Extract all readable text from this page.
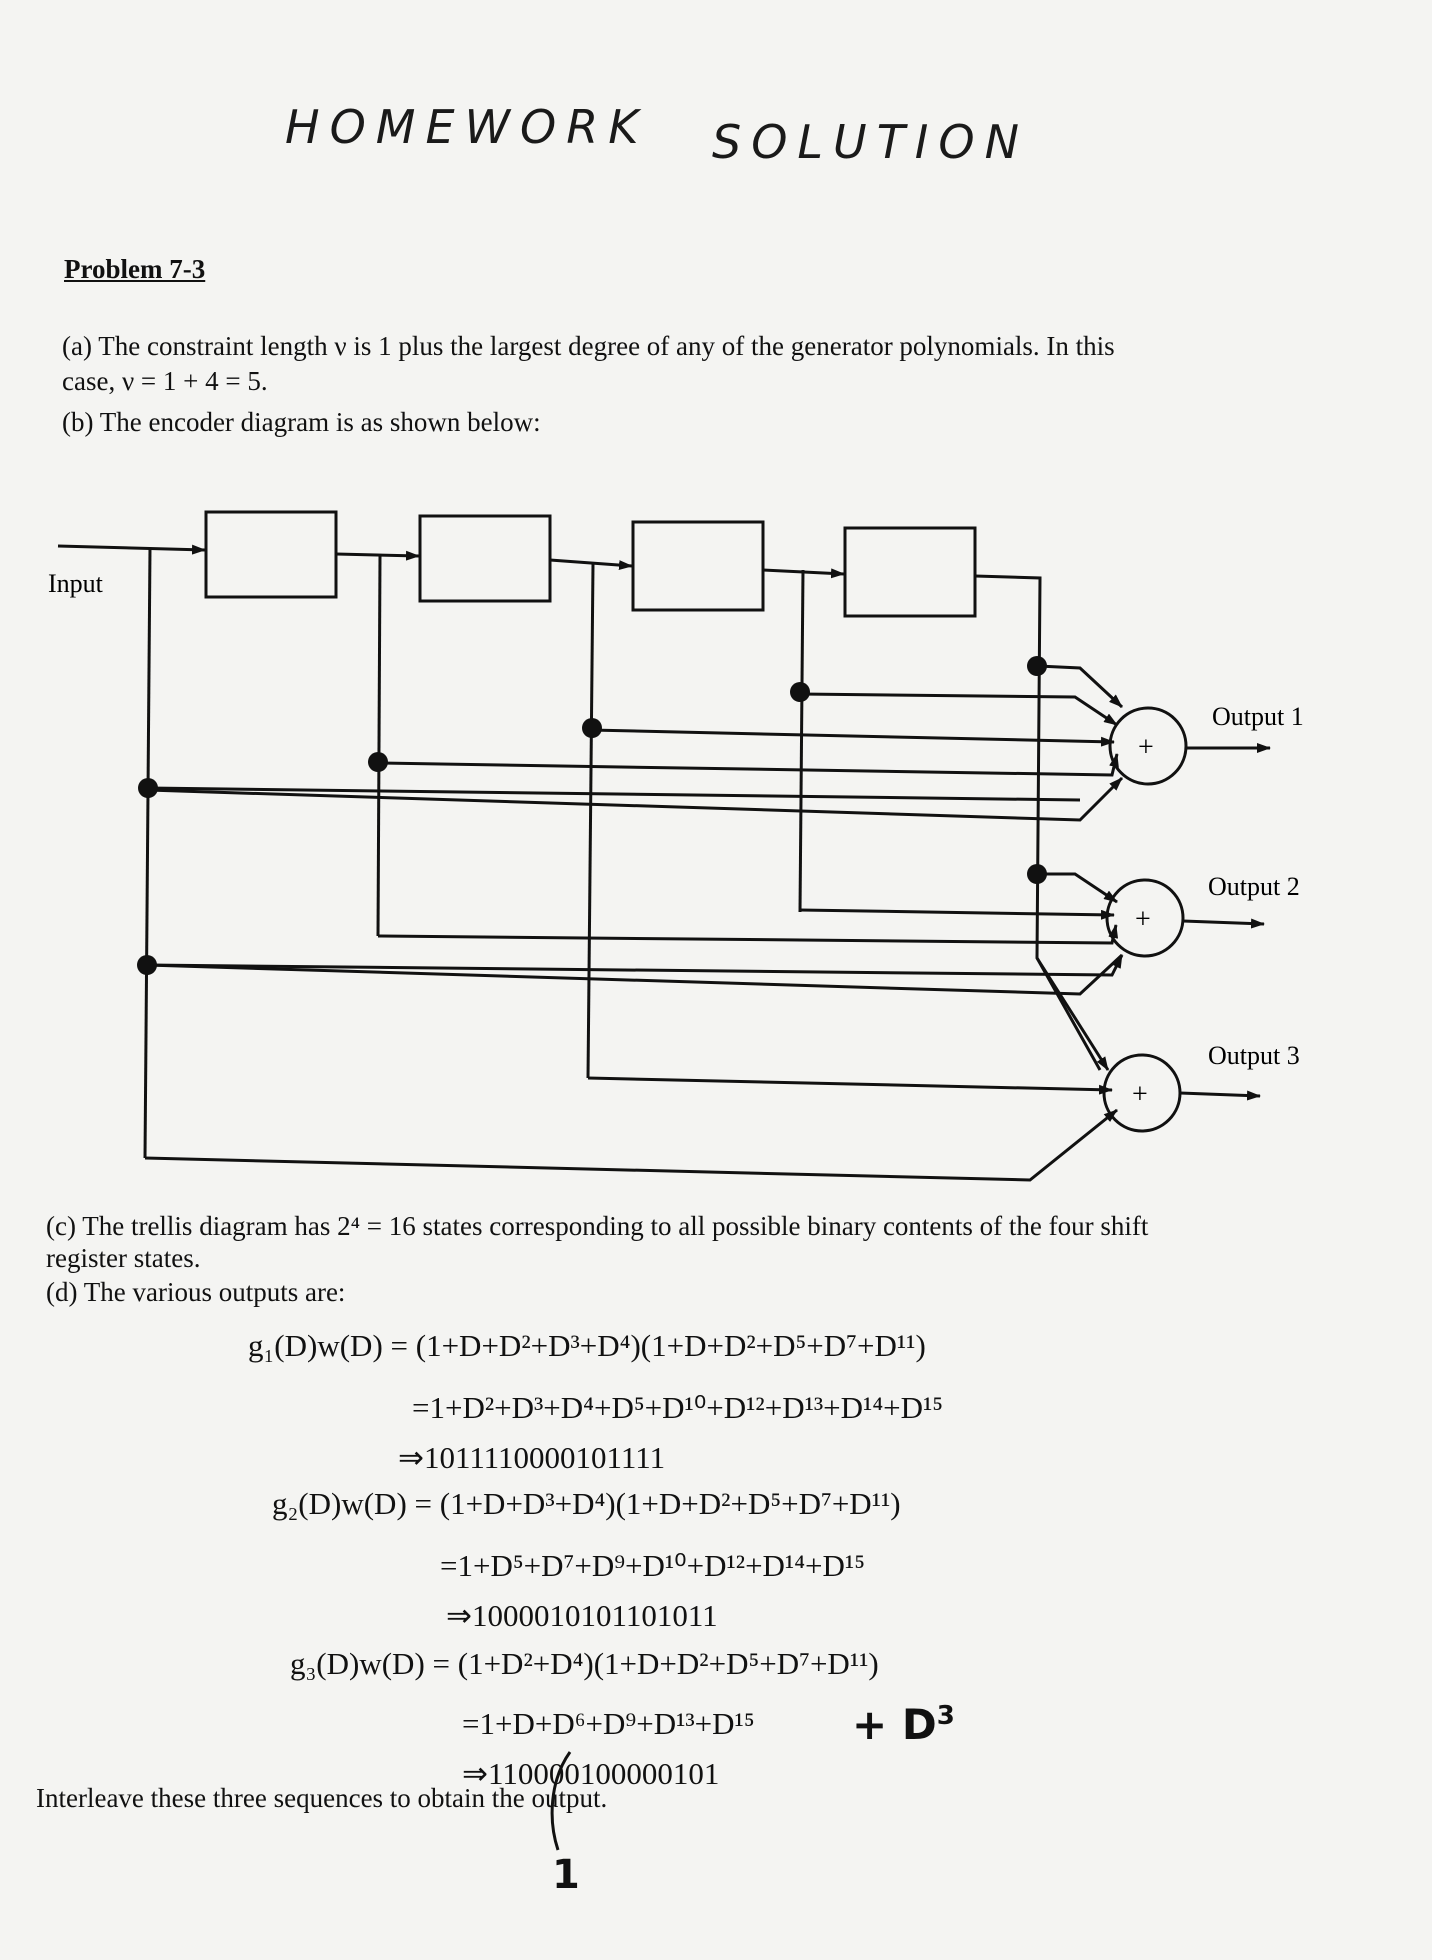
HOMEWORK SOLUTION
Problem 7-3
(a) The constraint length ν is 1 plus the largest degree of any of the generator polynomials. In this
case, ν = 1 + 4 = 5.
(b) The encoder diagram is as shown below:
+
+
+
Input
Output 1
Output 2
Output 3
(c) The trellis diagram has 2⁴ = 16 states corresponding to all possible binary contents of the four shift
register states.
(d) The various outputs are:
g₁(D)w(D) = (1+D+D²+D³+D⁴)(1+D+D²+D⁵+D⁷+D¹¹)
=1+D²+D³+D⁴+D⁵+D¹⁰+D¹²+D¹³+D¹⁴+D¹⁵
⇒1011110000101111
g₂(D)w(D) = (1+D+D³+D⁴)(1+D+D²+D⁵+D⁷+D¹¹)
=1+D⁵+D⁷+D⁹+D¹⁰+D¹²+D¹⁴+D¹⁵
⇒1000010101101011
g₃(D)w(D) = (1+D²+D⁴)(1+D+D²+D⁵+D⁷+D¹¹)
$=1+D+D^6+D^9+D^{13}+D^{15} + D^3$
⇒110000100000101
Interleave these three sequences to obtain the output.
1
